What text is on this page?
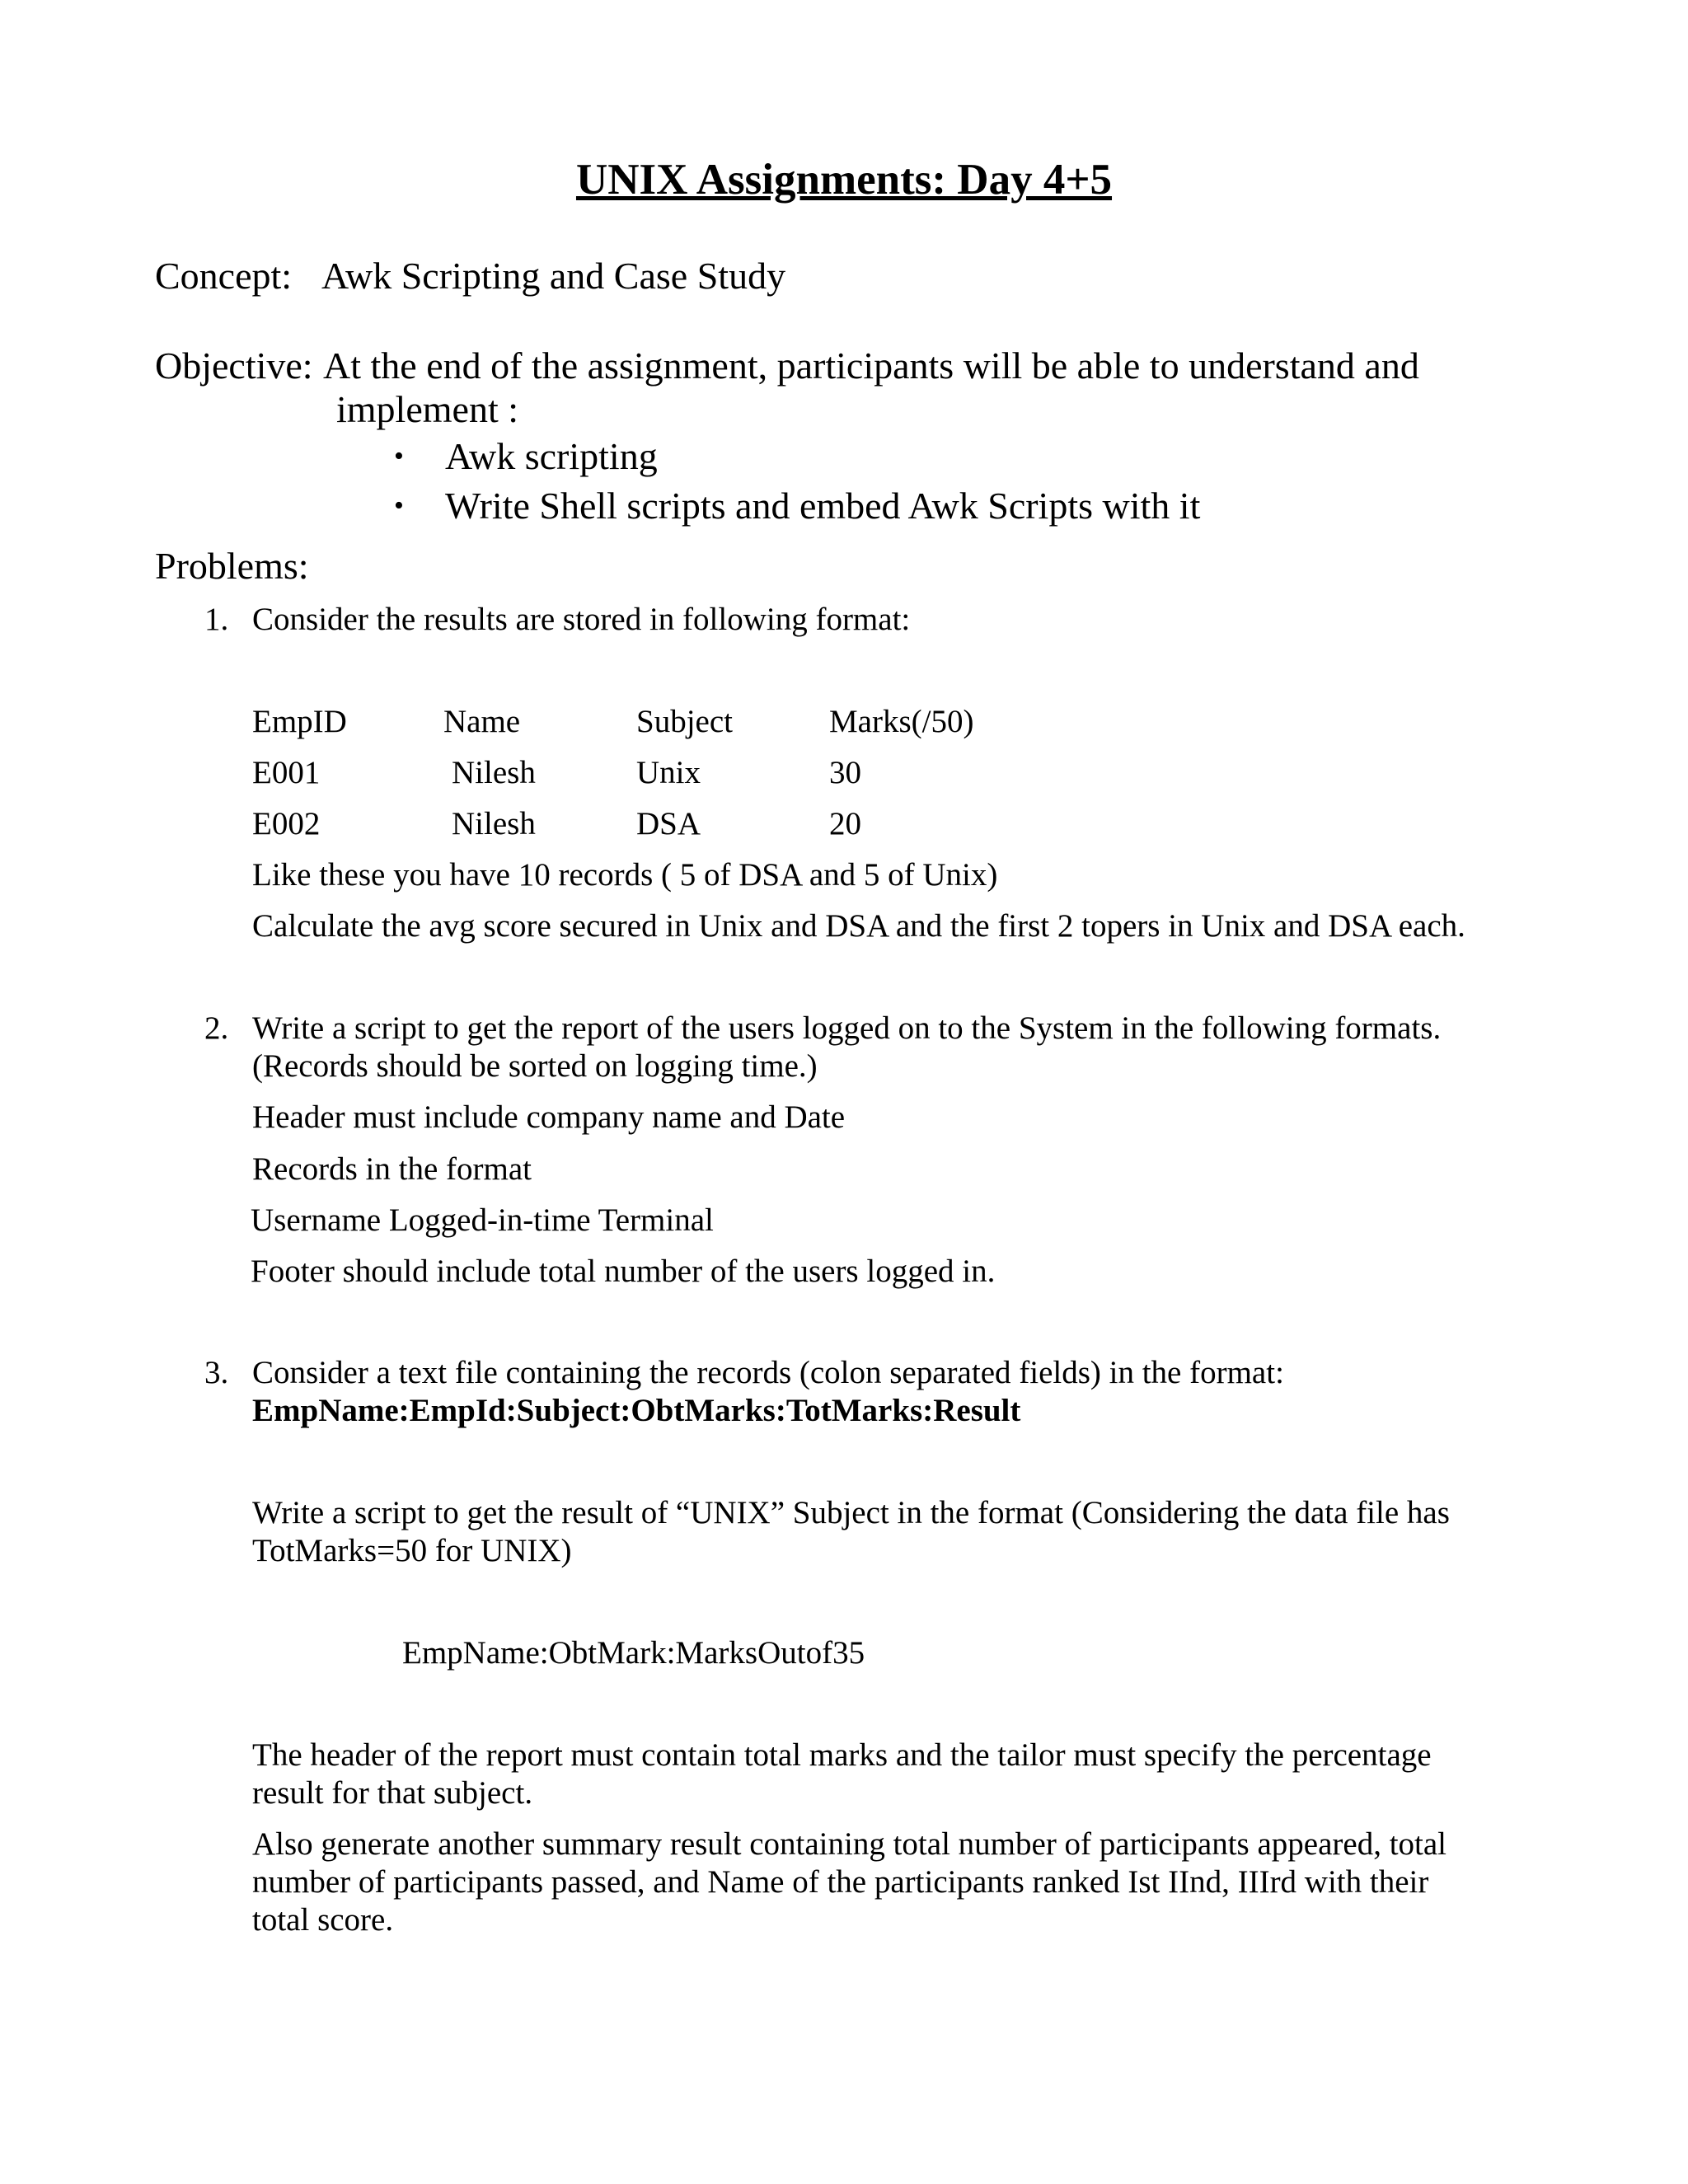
UNIX Assignments: Day 4+5
Concept: Awk Scripting and Case Study
Objective: At the end of the assignment, participants will be able to understand and
implement :
• Awk scripting
• Write Shell scripts and embed Awk Scripts with it
Problems:
1. Consider the results are stored in following format:
EmpID	Name	Subject	Marks(/50)
E001	Nilesh	Unix	30
E002	Nilesh	DSA	20
Like these you have 10 records ( 5 of DSA and 5 of Unix)
Calculate the avg score secured in Unix and DSA and the first 2 topers in Unix and DSA each.
2. Write a script to get the report of the users logged on to the System in the following formats.
(Records should be sorted on logging time.)
Header must include company name and Date
Records in the format
Username Logged-in-time Terminal
Footer should include total number of the users logged in.
3. Consider a text file containing the records (colon separated fields) in the format:
EmpName:EmpId:Subject:ObtMarks:TotMarks:Result
Write a script to get the result of “UNIX” Subject in the format (Considering the data file has
TotMarks=50 for UNIX)
EmpName:ObtMark:MarksOutof35
The header of the report must contain total marks and the tailor must specify the percentage
result for that subject.
Also generate another summary result containing total number of participants appeared, total
number of participants passed, and Name of the participants ranked Ist IInd, IIIrd with their
total score.
